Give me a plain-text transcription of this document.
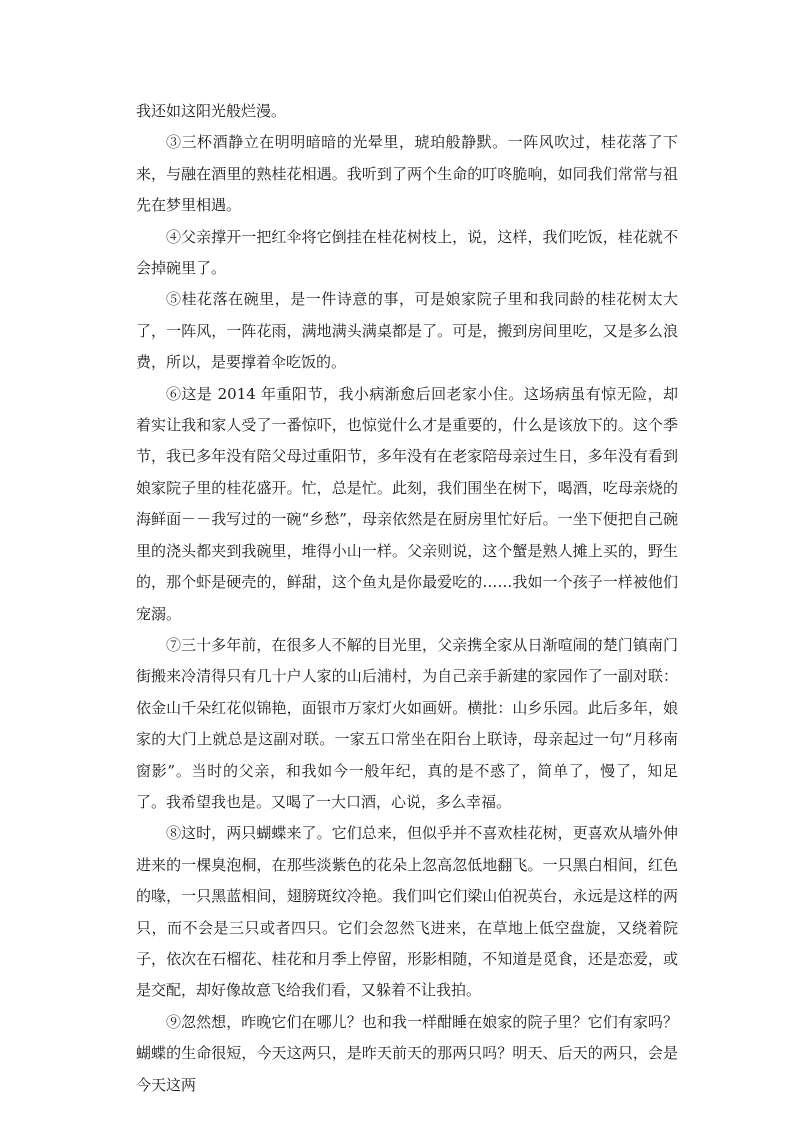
我还如这阳光般烂漫。

③三杯酒静立在明明暗暗的光晕里，琥珀般静默。一阵风吹过，桂花落了下来，与融在酒里的熟桂花相遇。我听到了两个生命的叮咚脆响，如同我们常常与祖先在梦里相遇。

④父亲撑开一把红伞将它倒挂在桂花树枝上，说，这样，我们吃饭，桂花就不会掉碗里了。

⑤桂花落在碗里，是一件诗意的事，可是娘家院子里和我同龄的桂花树太大了，一阵风，一阵花雨，满地满头满桌都是了。可是，搬到房间里吃，又是多么浪费，所以，是要撑着伞吃饭的。

⑥这是 2014 年重阳节，我小病渐愈后回老家小住。这场病虽有惊无险，却着实让我和家人受了一番惊吓，也惊觉什么才是重要的，什么是该放下的。这个季节，我已多年没有陪父母过重阳节，多年没有在老家陪母亲过生日，多年没有看到娘家院子里的桂花盛开。忙，总是忙。此刻，我们围坐在树下，喝酒，吃母亲烧的海鲜面－－我写过的一碗“乡愁”，母亲依然是在厨房里忙好后。一坐下便把自己碗里的浇头都夹到我碗里，堆得小山一样。父亲则说，这个蟹是熟人摊上买的，野生的，那个虾是硬壳的，鲜甜，这个鱼丸是你最爱吃的……我如一个孩子一样被他们宠溺。

⑦三十多年前，在很多人不解的目光里，父亲携全家从日渐喧闹的楚门镇南门街搬来冷清得只有几十户人家的山后浦村，为自己亲手新建的家园作了一副对联：依金山千朵红花似锦艳，面银市万家灯火如画妍。横批：山乡乐园。此后多年，娘家的大门上就总是这副对联。一家五口常坐在阳台上联诗，母亲起过一句“月移南窗影”。当时的父亲，和我如今一般年纪，真的是不惑了，简单了，慢了，知足了。我希望我也是。又喝了一大口酒，心说，多么幸福。

⑧这时，两只蝴蝶来了。它们总来，但似乎并不喜欢桂花树，更喜欢从墙外伸进来的一棵臭泡桐，在那些淡紫色的花朵上忽高忽低地翻飞。一只黑白相间，红色的喙，一只黑蓝相间，翅膀斑纹冷艳。我们叫它们梁山伯祝英台，永远是这样的两只，而不会是三只或者四只。它们会忽然飞进来，在草地上低空盘旋，又绕着院子，依次在石榴花、桂花和月季上停留，形影相随，不知道是觅食，还是恋爱，或是交配，却好像故意飞给我们看，又躲着不让我拍。

⑨忽然想，昨晚它们在哪儿？也和我一样酣睡在娘家的院子里？它们有家吗？蝴蝶的生命很短，今天这两只，是昨天前天的那两只吗？明天、后天的两只，会是今天这两
